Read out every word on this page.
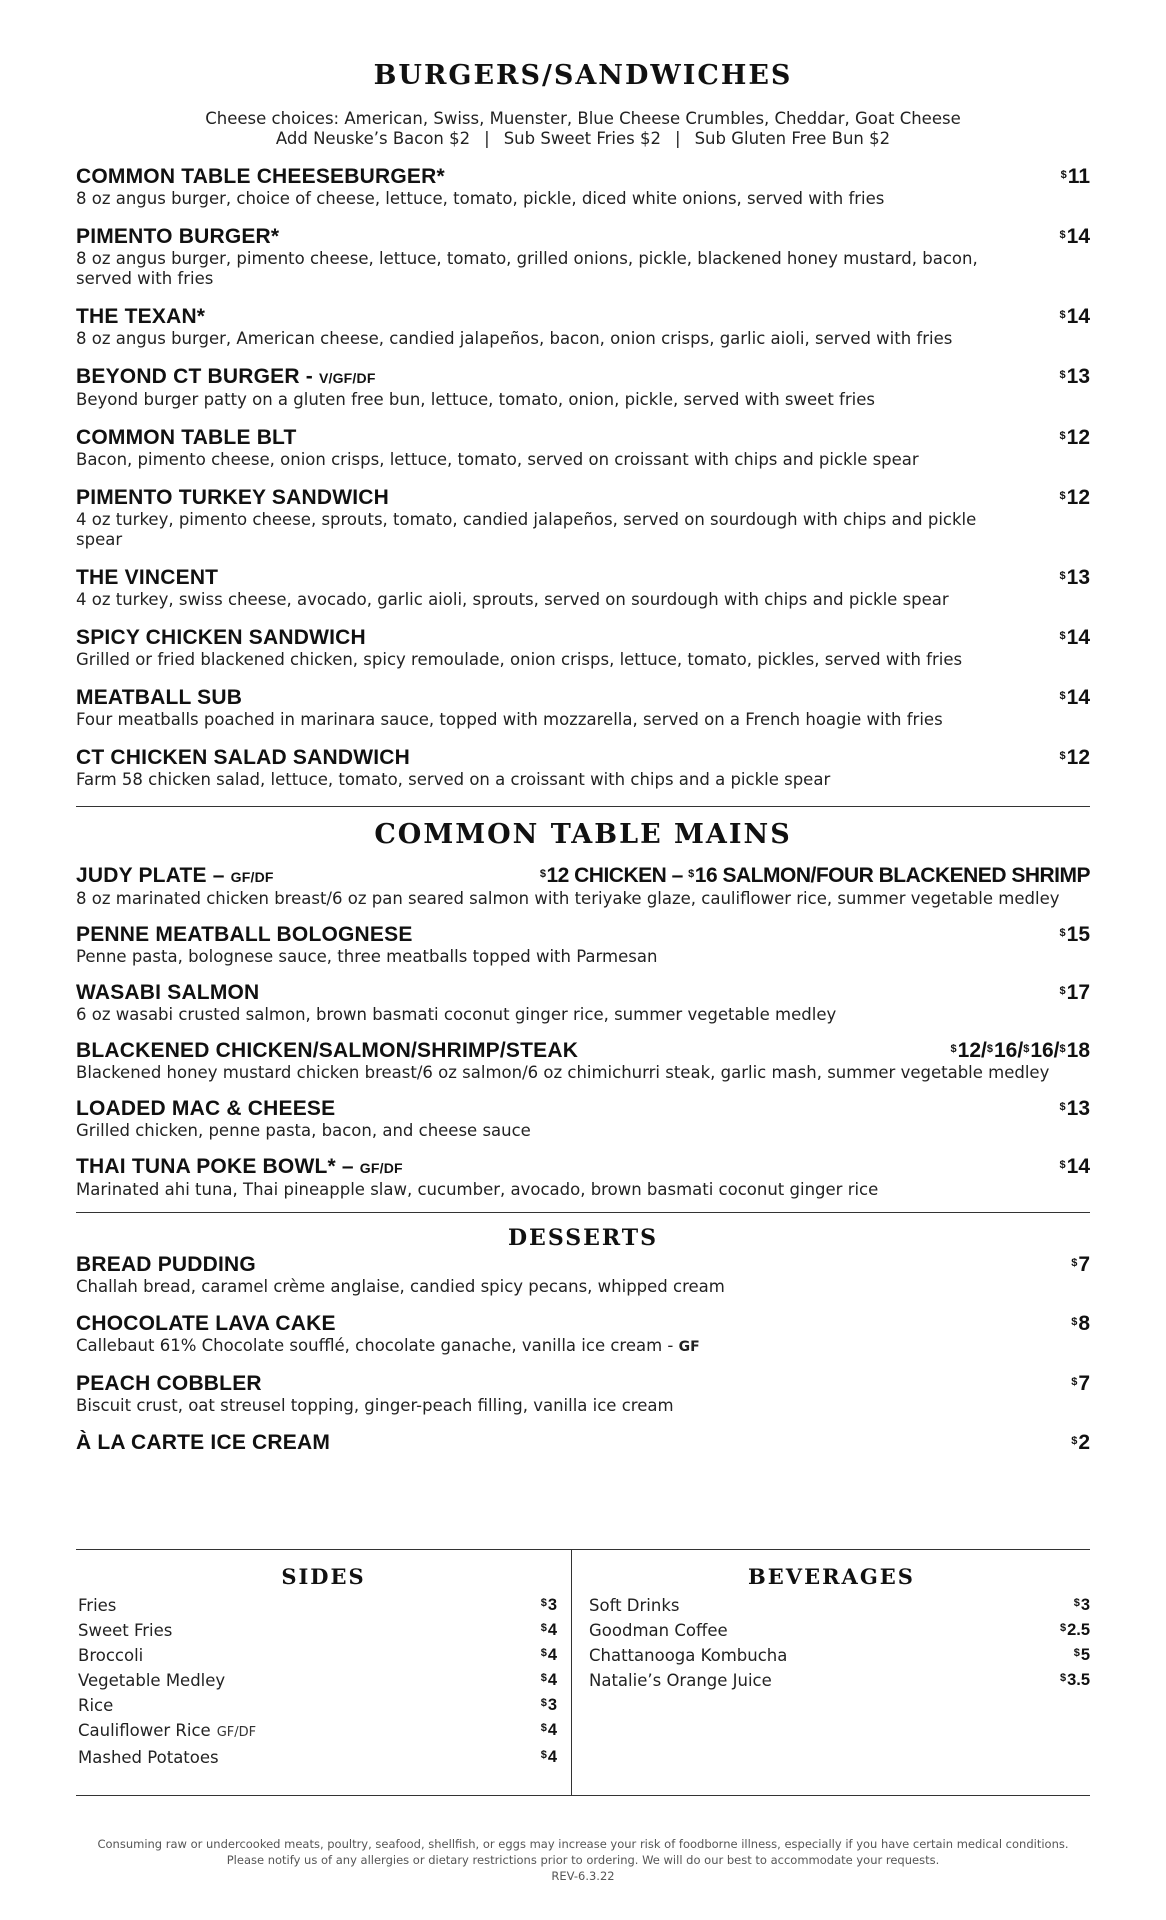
BURGERS/SANDWICHES
Cheese choices: American, Swiss, Muenster, Blue Cheese Crumbles, Cheddar, Goat Cheese
Add Neuske’s Bacon $2 | Sub Sweet Fries $2 | Sub Gluten Free Bun $2
COMMON TABLE CHEESEBURGER*	$11
8 oz angus burger, choice of cheese, lettuce, tomato, pickle, diced white onions, served with fries
PIMENTO BURGER*	$14
8 oz angus burger, pimento cheese, lettuce, tomato, grilled onions, pickle, blackened honey mustard, bacon, served with fries
THE TEXAN*	$14
8 oz angus burger, American cheese, candied jalapeños, bacon, onion crisps, garlic aioli, served with fries
BEYOND CT BURGER - V/GF/DF	$13
Beyond burger patty on a gluten free bun, lettuce, tomato, onion, pickle, served with sweet fries
COMMON TABLE BLT	$12
Bacon, pimento cheese, onion crisps, lettuce, tomato, served on croissant with chips and pickle spear
PIMENTO TURKEY SANDWICH	$12
4 oz turkey, pimento cheese, sprouts, tomato, candied jalapeños, served on sourdough with chips and pickle spear
THE VINCENT	$13
4 oz turkey, swiss cheese, avocado, garlic aioli, sprouts, served on sourdough with chips and pickle spear
SPICY CHICKEN SANDWICH	$14
Grilled or fried blackened chicken, spicy remoulade, onion crisps, lettuce, tomato, pickles, served with fries
MEATBALL SUB	$14
Four meatballs poached in marinara sauce, topped with mozzarella, served on a French hoagie with fries
CT CHICKEN SALAD SANDWICH	$12
Farm 58 chicken salad, lettuce, tomato, served on a croissant with chips and a pickle spear
COMMON TABLE MAINS
JUDY PLATE – GF/DF	$12 CHICKEN – $16 SALMON/FOUR BLACKENED SHRIMP
8 oz marinated chicken breast/6 oz pan seared salmon with teriyake glaze, cauliflower rice, summer vegetable medley
PENNE MEATBALL BOLOGNESE	$15
Penne pasta, bolognese sauce, three meatballs topped with Parmesan
WASABI SALMON	$17
6 oz wasabi crusted salmon, brown basmati coconut ginger rice, summer vegetable medley
BLACKENED CHICKEN/SALMON/SHRIMP/STEAK	$12/$16/$16/$18
Blackened honey mustard chicken breast/6 oz salmon/6 oz chimichurri steak, garlic mash, summer vegetable medley
LOADED MAC & CHEESE	$13
Grilled chicken, penne pasta, bacon, and cheese sauce
THAI TUNA POKE BOWL* – GF/DF	$14
Marinated ahi tuna, Thai pineapple slaw, cucumber, avocado, brown basmati coconut ginger rice
DESSERTS
BREAD PUDDING	$7
Challah bread, caramel crème anglaise, candied spicy pecans, whipped cream
CHOCOLATE LAVA CAKE	$8
Callebaut 61% Chocolate soufflé, chocolate ganache, vanilla ice cream - GF
PEACH COBBLER	$7
Biscuit crust, oat streusel topping, ginger-peach filling, vanilla ice cream
À LA CARTE ICE CREAM	$2
SIDES
Fries	$3
Sweet Fries	$4
Broccoli	$4
Vegetable Medley	$4
Rice	$3
Cauliflower Rice GF/DF	$4
Mashed Potatoes	$4
BEVERAGES
Soft Drinks	$3
Goodman Coffee	$2.5
Chattanooga Kombucha	$5
Natalie’s Orange Juice	$3.5
Consuming raw or undercooked meats, poultry, seafood, shellfish, or eggs may increase your risk of foodborne illness, especially if you have certain medical conditions.
Please notify us of any allergies or dietary restrictions prior to ordering. We will do our best to accommodate your requests.
REV-6.3.22
